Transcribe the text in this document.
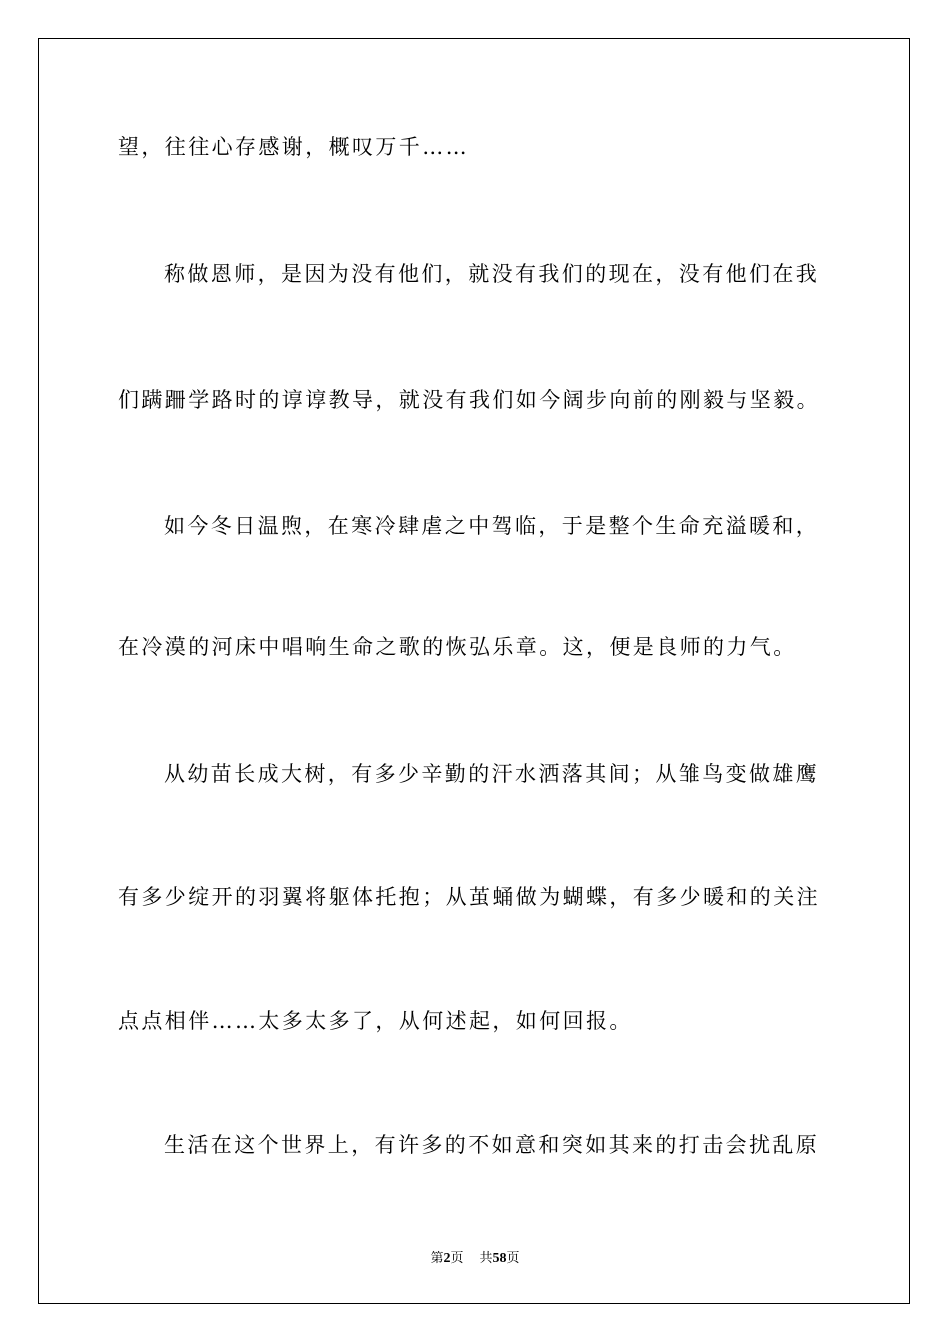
望，往往心存感谢，概叹万千……

称做恩师，是因为没有他们，就没有我们的现在，没有他们在我

们蹒跚学路时的谆谆教导，就没有我们如今阔步向前的刚毅与坚毅。

如今冬日温煦，在寒冷肆虐之中驾临，于是整个生命充溢暖和，

在冷漠的河床中唱响生命之歌的恢弘乐章。这，便是良师的力气。

从幼苗长成大树，有多少辛勤的汗水洒落其间；从雏鸟变做雄鹰

有多少绽开的羽翼将躯体托抱；从茧蛹做为蝴蝶，有多少暖和的关注

点点相伴……太多太多了，从何述起，如何回报。

生活在这个世界上，有许多的不如意和突如其来的打击会扰乱原

第2页 共58页
